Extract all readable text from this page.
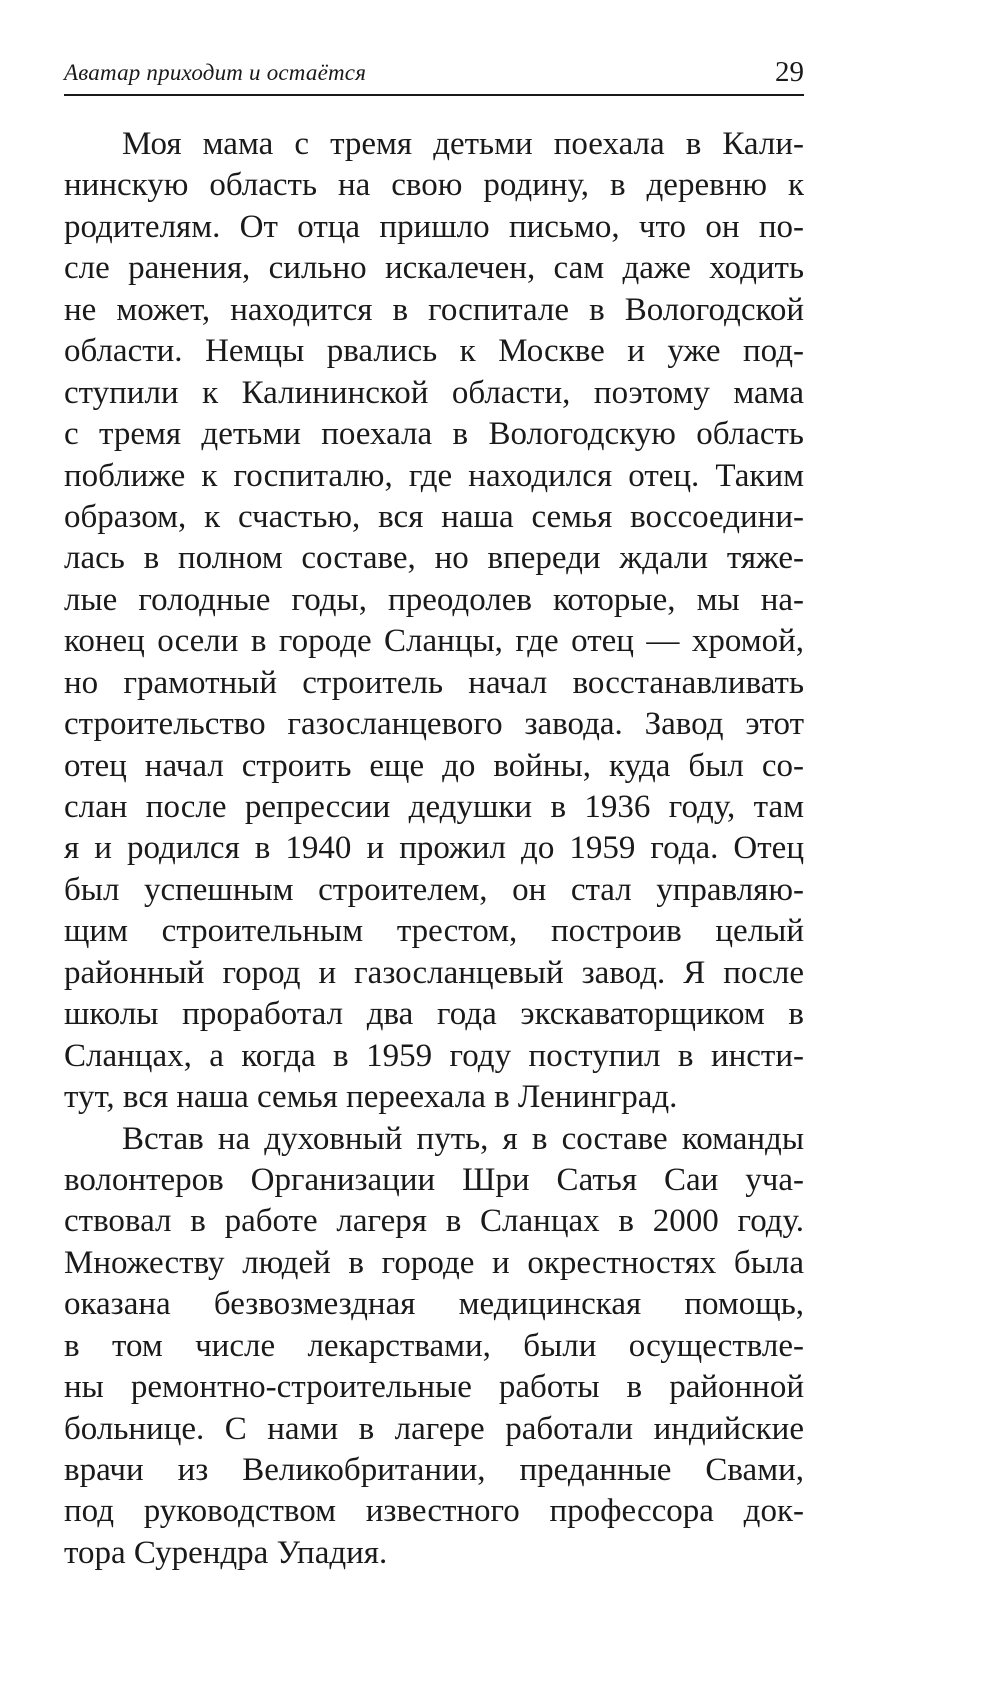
Аватар приходит и остаётся	29
Моя мама с тремя детьми поехала в Кали-
нинскую область на свою родину, в деревню к
родителям. От отца пришло письмо, что он по-
сле ранения, сильно искалечен, сам даже ходить
не может, находится в госпитале в Вологодской
области. Немцы рвались к Москве и уже под-
ступили к Калининской области, поэтому мама
с тремя детьми поехала в Вологодскую область
поближе к госпиталю, где находился отец. Таким
образом, к счастью, вся наша семья воссоедини-
лась в полном составе, но впереди ждали тяже-
лые голодные годы, преодолев которые, мы на-
конец осели в городе Сланцы, где отец — хромой,
но грамотный строитель начал восстанавливать
строительство газосланцевого завода. Завод этот
отец начал строить еще до войны, куда был со-
слан после репрессии дедушки в 1936 году, там
я и родился в 1940 и прожил до 1959 года. Отец
был успешным строителем, он стал управляю-
щим строительным трестом, построив целый
районный город и газосланцевый завод. Я после
школы проработал два года экскаваторщиком в
Сланцах, а когда в 1959 году поступил в инсти-
тут, вся наша семья переехала в Ленинград.
Встав на духовный путь, я в составе команды
волонтеров Организации Шри Сатья Саи уча-
ствовал в работе лагеря в Сланцах в 2000 году.
Множеству людей в городе и окрестностях была
оказана безвозмездная медицинская помощь,
в том числе лекарствами, были осуществле-
ны ремонтно-строительные работы в районной
больнице. С нами в лагере работали индийские
врачи из Великобритании, преданные Свами,
под руководством известного профессора док-
тора Сурендра Упадия.
